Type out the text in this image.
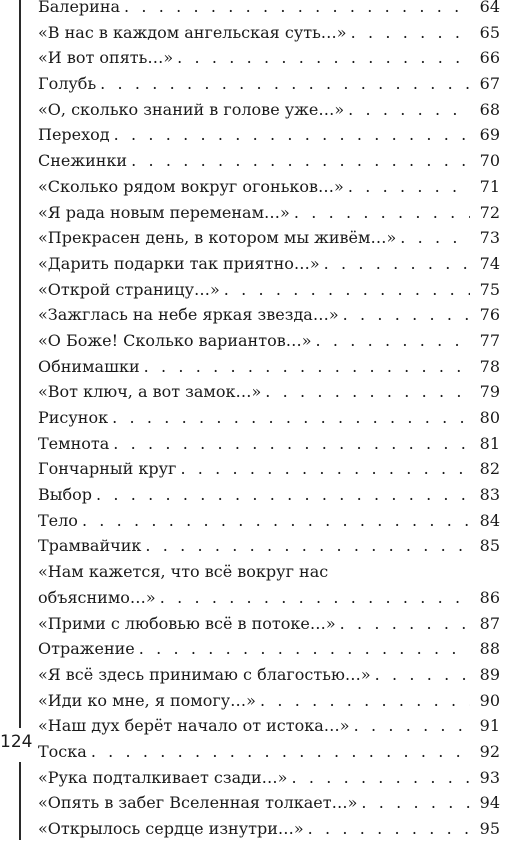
124
Балерина . . .	64
«В нас в каждом ангельская суть…» . . .	65
«И вот опять…» . . .	66
Голубь . . .	67
«О, сколько знаний в голове уже…» . . .	68
Переход . . .	69
Снежинки . . .	70
«Сколько рядом вокруг огоньков…» . . .	71
«Я рада новым переменам…» . . .	72
«Прекрасен день, в котором мы живём…» . . .	73
«Дарить подарки так приятно…» . . .	74
«Открой страницу…» . . .	75
«Зажглась на небе яркая звезда…» . . .	76
«О Боже! Сколько вариантов…» . . .	77
Обнимашки . . .	78
«Вот ключ, а вот замок…» . . .	79
Рисунок . . .	80
Темнота . . .	81
Гончарный круг . . .	82
Выбор . . .	83
Тело . . .	84
Трамвайчик . . .	85
«Нам кажется, что всё вокруг нас
объяснимо…» . . .	86
«Прими с любовью всё в потоке…» . . .	87
Отражение . . .	88
«Я всё здесь принимаю с благостью…» . . .	89
«Иди ко мне, я помогу…» . . .	90
«Наш дух берёт начало от истока…» . . .	91
Тоска . . .	92
«Рука подталкивает сзади…» . . .	93
«Опять в забег Вселенная толкает…» . . .	94
«Открылось сердце изнутри…» . . .	95
